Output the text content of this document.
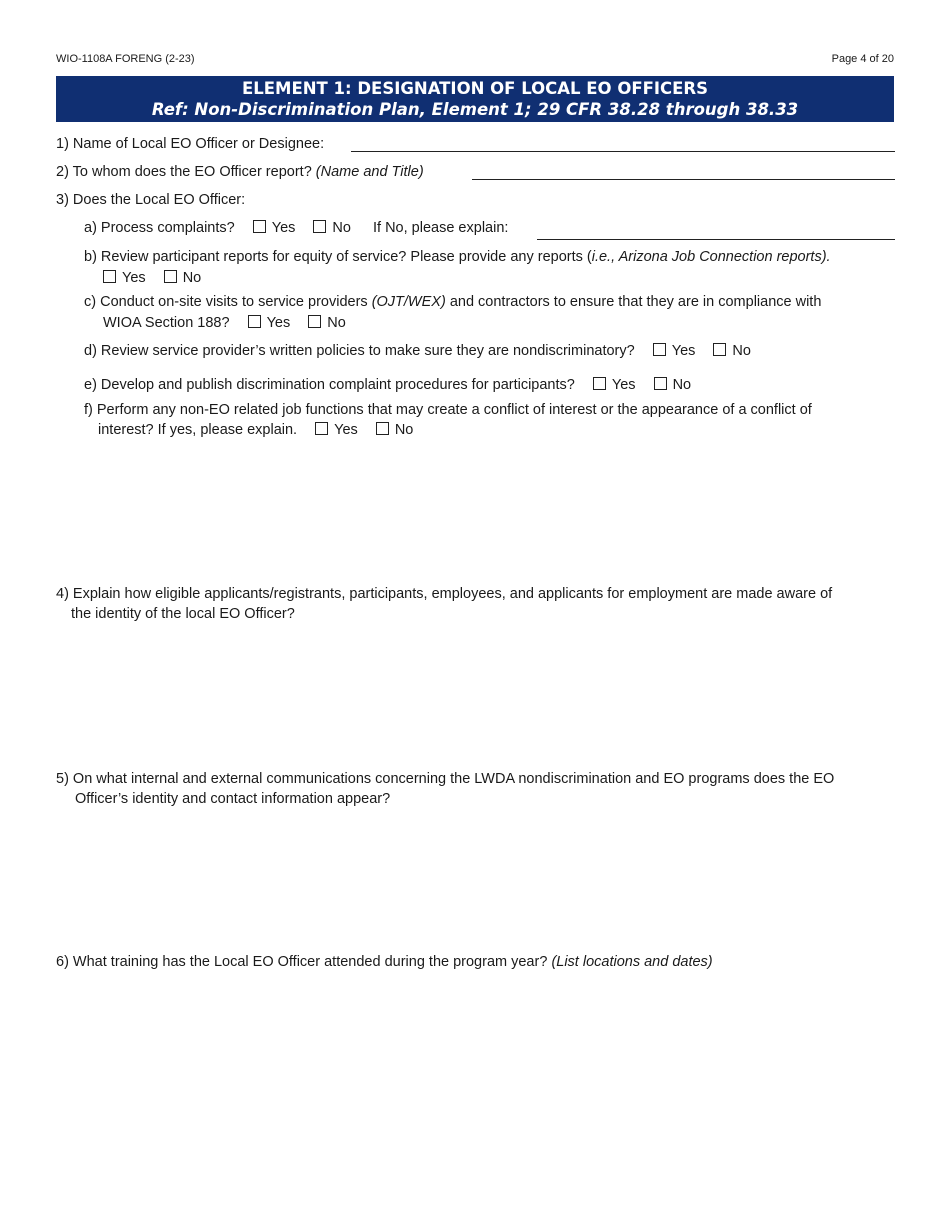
WIO-1108A FORENG (2-23)	Page 4 of 20
ELEMENT 1: DESIGNATION OF LOCAL EO OFFICERS
Ref: Non-Discrimination Plan, Element 1; 29 CFR 38.28 through 38.33
1) Name of Local EO Officer or Designee:
2) To whom does the EO Officer report? (Name and Title)
3) Does the Local EO Officer:
a) Process complaints?	Yes	No If No, please explain:
b) Review participant reports for equity of service? Please provide any reports (i.e., Arizona Job Connection reports).
Yes	No
c) Conduct on-site visits to service providers (OJT/WEX) and contractors to ensure that they are in compliance with
WIOA Section 188?	Yes	No
d) Review service provider’s written policies to make sure they are nondiscriminatory?	Yes	No
e) Develop and publish discrimination complaint procedures for participants?	Yes	No
f) Perform any non-EO related job functions that may create a conflict of interest or the appearance of a conflict of
interest? If yes, please explain.	Yes	No
4) Explain how eligible applicants/registrants, participants, employees, and applicants for employment are made aware of
the identity of the local EO Officer?
5) On what internal and external communications concerning the LWDA nondiscrimination and EO programs does the EO
Officer’s identity and contact information appear?
6) What training has the Local EO Officer attended during the program year? (List locations and dates)
